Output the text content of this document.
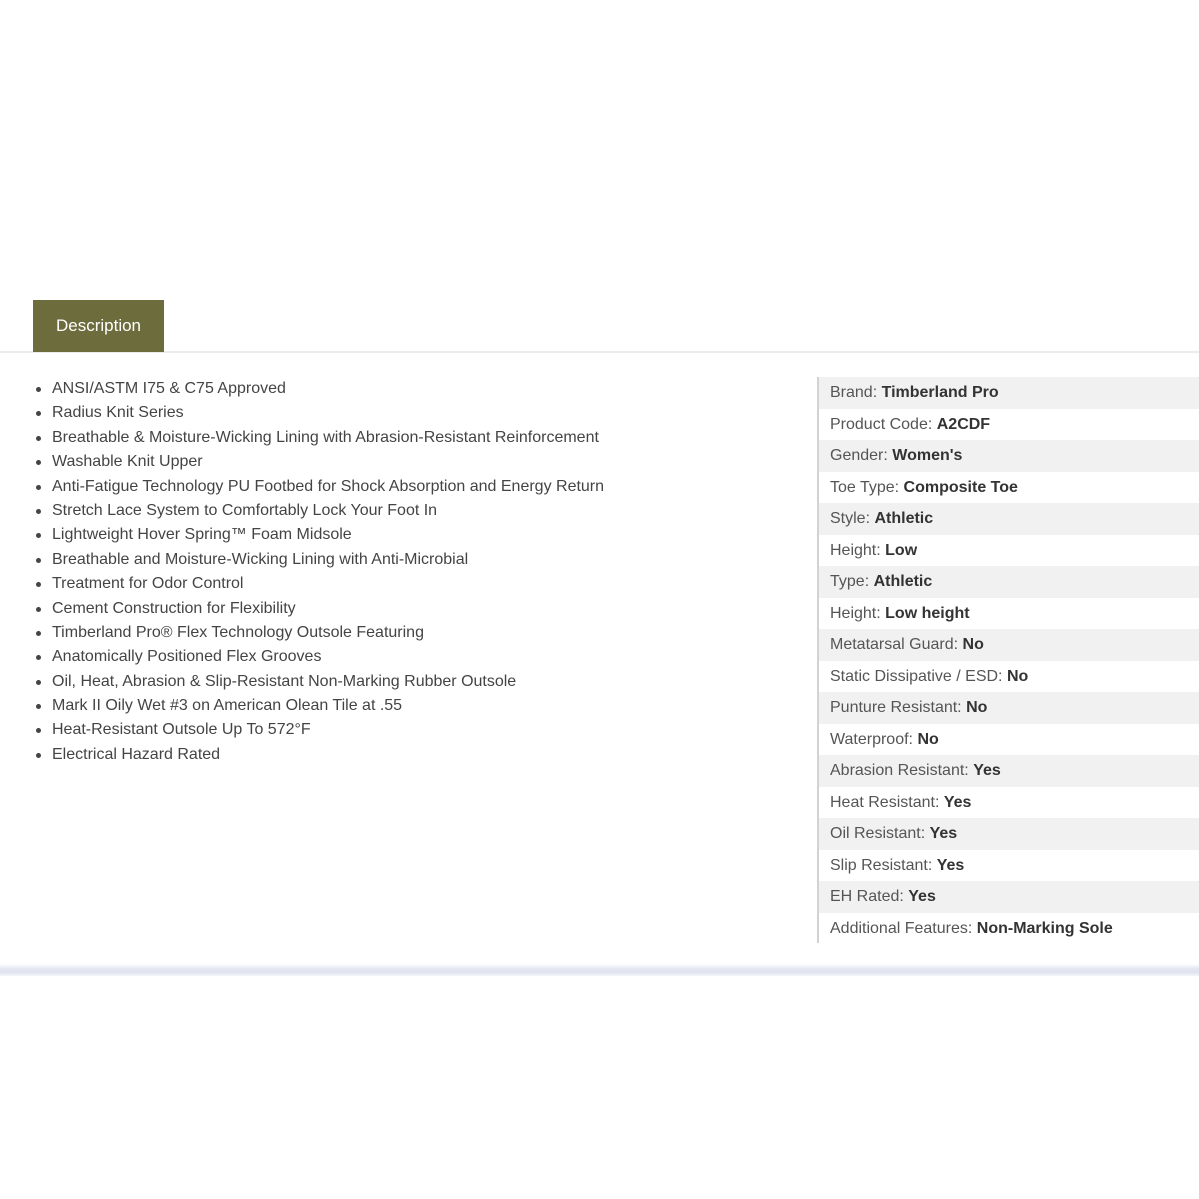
Description
ANSI/ASTM I75 & C75 Approved
Radius Knit Series
Breathable & Moisture-Wicking Lining with Abrasion-Resistant Reinforcement
Washable Knit Upper
Anti-Fatigue Technology PU Footbed for Shock Absorption and Energy Return
Stretch Lace System to Comfortably Lock Your Foot In
Lightweight Hover Spring™ Foam Midsole
Breathable and Moisture-Wicking Lining with Anti-Microbial
Treatment for Odor Control
Cement Construction for Flexibility
Timberland Pro® Flex Technology Outsole Featuring
Anatomically Positioned Flex Grooves
Oil, Heat, Abrasion & Slip-Resistant Non-Marking Rubber Outsole
Mark II Oily Wet #3 on American Olean Tile at .55
Heat-Resistant Outsole Up To 572°F
Electrical Hazard Rated
Brand: Timberland Pro
Product Code: A2CDF
Gender: Women's
Toe Type: Composite Toe
Style: Athletic
Height: Low
Type: Athletic
Height: Low height
Metatarsal Guard: No
Static Dissipative / ESD: No
Punture Resistant: No
Waterproof: No
Abrasion Resistant: Yes
Heat Resistant: Yes
Oil Resistant: Yes
Slip Resistant: Yes
EH Rated: Yes
Additional Features: Non-Marking Sole
